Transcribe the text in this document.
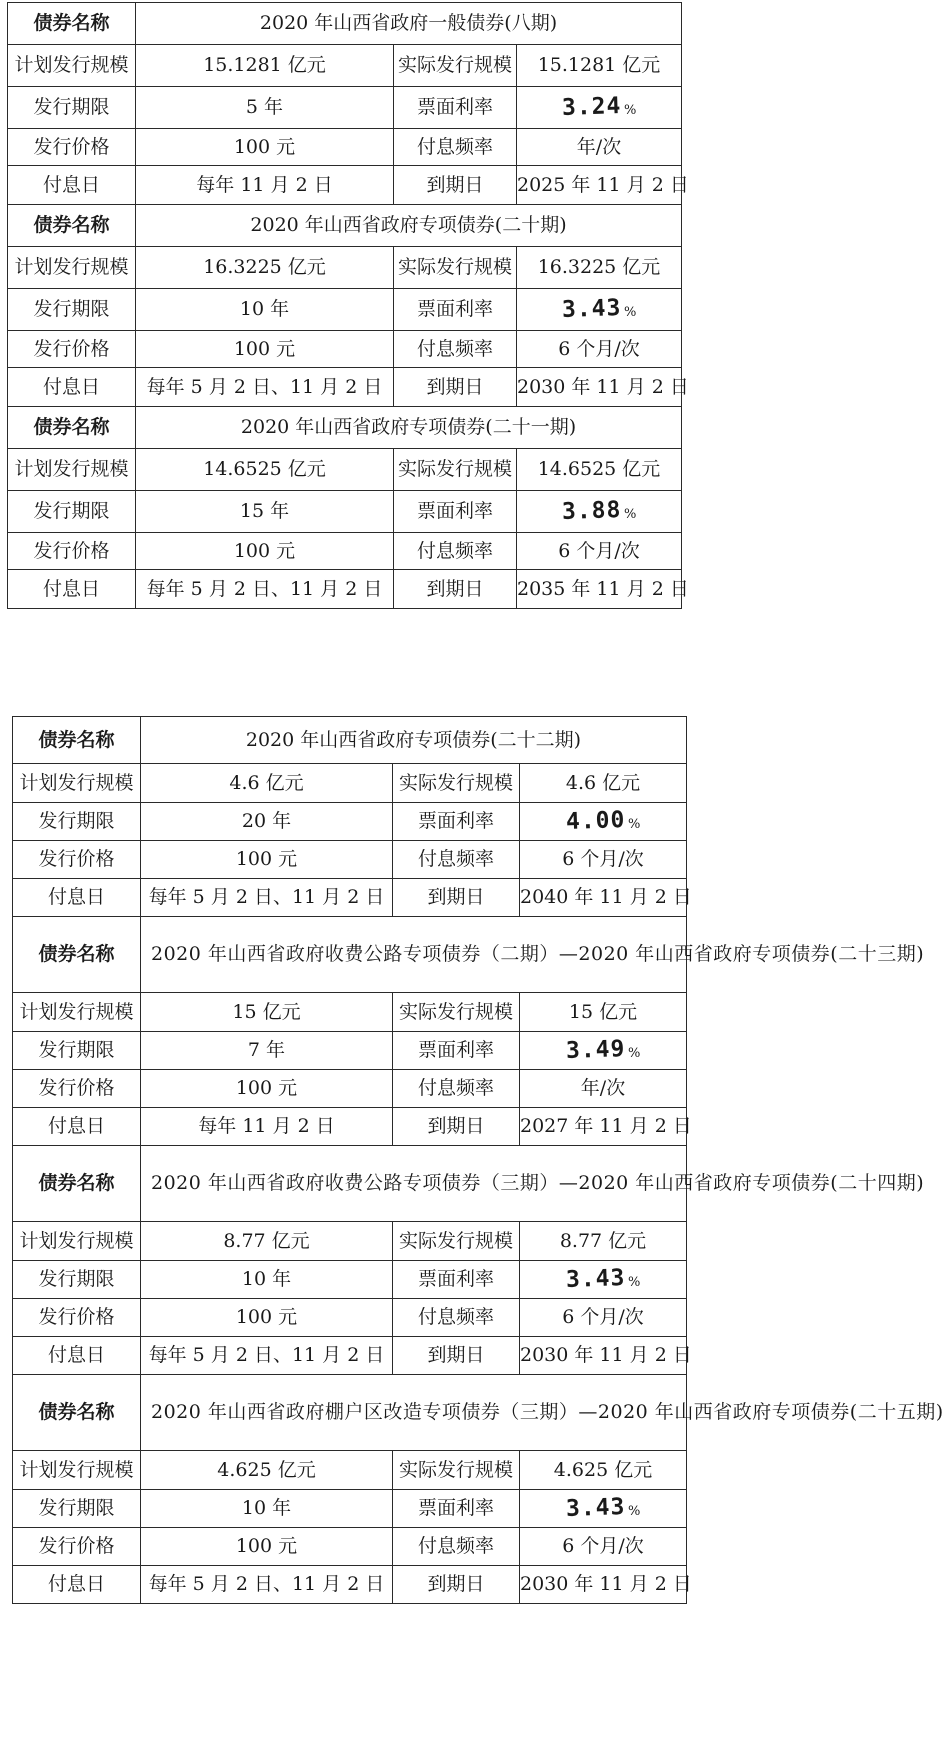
债券名称	2020 年山西省政府一般债券(八期)		
计划发行规模	15.1281 亿元	实际发行规模	15.1281 亿元
发行期限	5 年	票面利率	3.24 %
发行价格	100 元	付息频率	年/次
付息日	每年 11 月 2 日	到期日	2025 年 11 月 2 日
债券名称	2020 年山西省政府专项债券(二十期)		
计划发行规模	16.3225 亿元	实际发行规模	16.3225 亿元
发行期限	10 年	票面利率	3.43 %
发行价格	100 元	付息频率	6 个月/次
付息日	每年 5 月 2 日、11 月 2 日	到期日	2030 年 11 月 2 日
债券名称	2020 年山西省政府专项债券(二十一期)		
计划发行规模	14.6525 亿元	实际发行规模	14.6525 亿元
发行期限	15 年	票面利率	3.88 %
发行价格	100 元	付息频率	6 个月/次
付息日	每年 5 月 2 日、11 月 2 日	到期日	2035 年 11 月 2 日
债券名称	2020 年山西省政府专项债券(二十二期)		
计划发行规模	4.6 亿元	实际发行规模	4.6 亿元
发行期限	20 年	票面利率	4.00 %
发行价格	100 元	付息频率	6 个月/次
付息日	每年 5 月 2 日、11 月 2 日	到期日	2040 年 11 月 2 日
债券名称	2020 年山西省政府收费公路专项债券（二期）—2020 年山西省政府专项债券(二十三期)		
计划发行规模	15 亿元	实际发行规模	15 亿元
发行期限	7 年	票面利率	3.49 %
发行价格	100 元	付息频率	年/次
付息日	每年 11 月 2 日	到期日	2027 年 11 月 2 日
债券名称	2020 年山西省政府收费公路专项债券（三期）—2020 年山西省政府专项债券(二十四期)		
计划发行规模	8.77 亿元	实际发行规模	8.77 亿元
发行期限	10 年	票面利率	3.43 %
发行价格	100 元	付息频率	6 个月/次
付息日	每年 5 月 2 日、11 月 2 日	到期日	2030 年 11 月 2 日
债券名称	2020 年山西省政府棚户区改造专项债券（三期）—2020 年山西省政府专项债券(二十五期)		
计划发行规模	4.625 亿元	实际发行规模	4.625 亿元
发行期限	10 年	票面利率	3.43 %
发行价格	100 元	付息频率	6 个月/次
付息日	每年 5 月 2 日、11 月 2 日	到期日	2030 年 11 月 2 日
